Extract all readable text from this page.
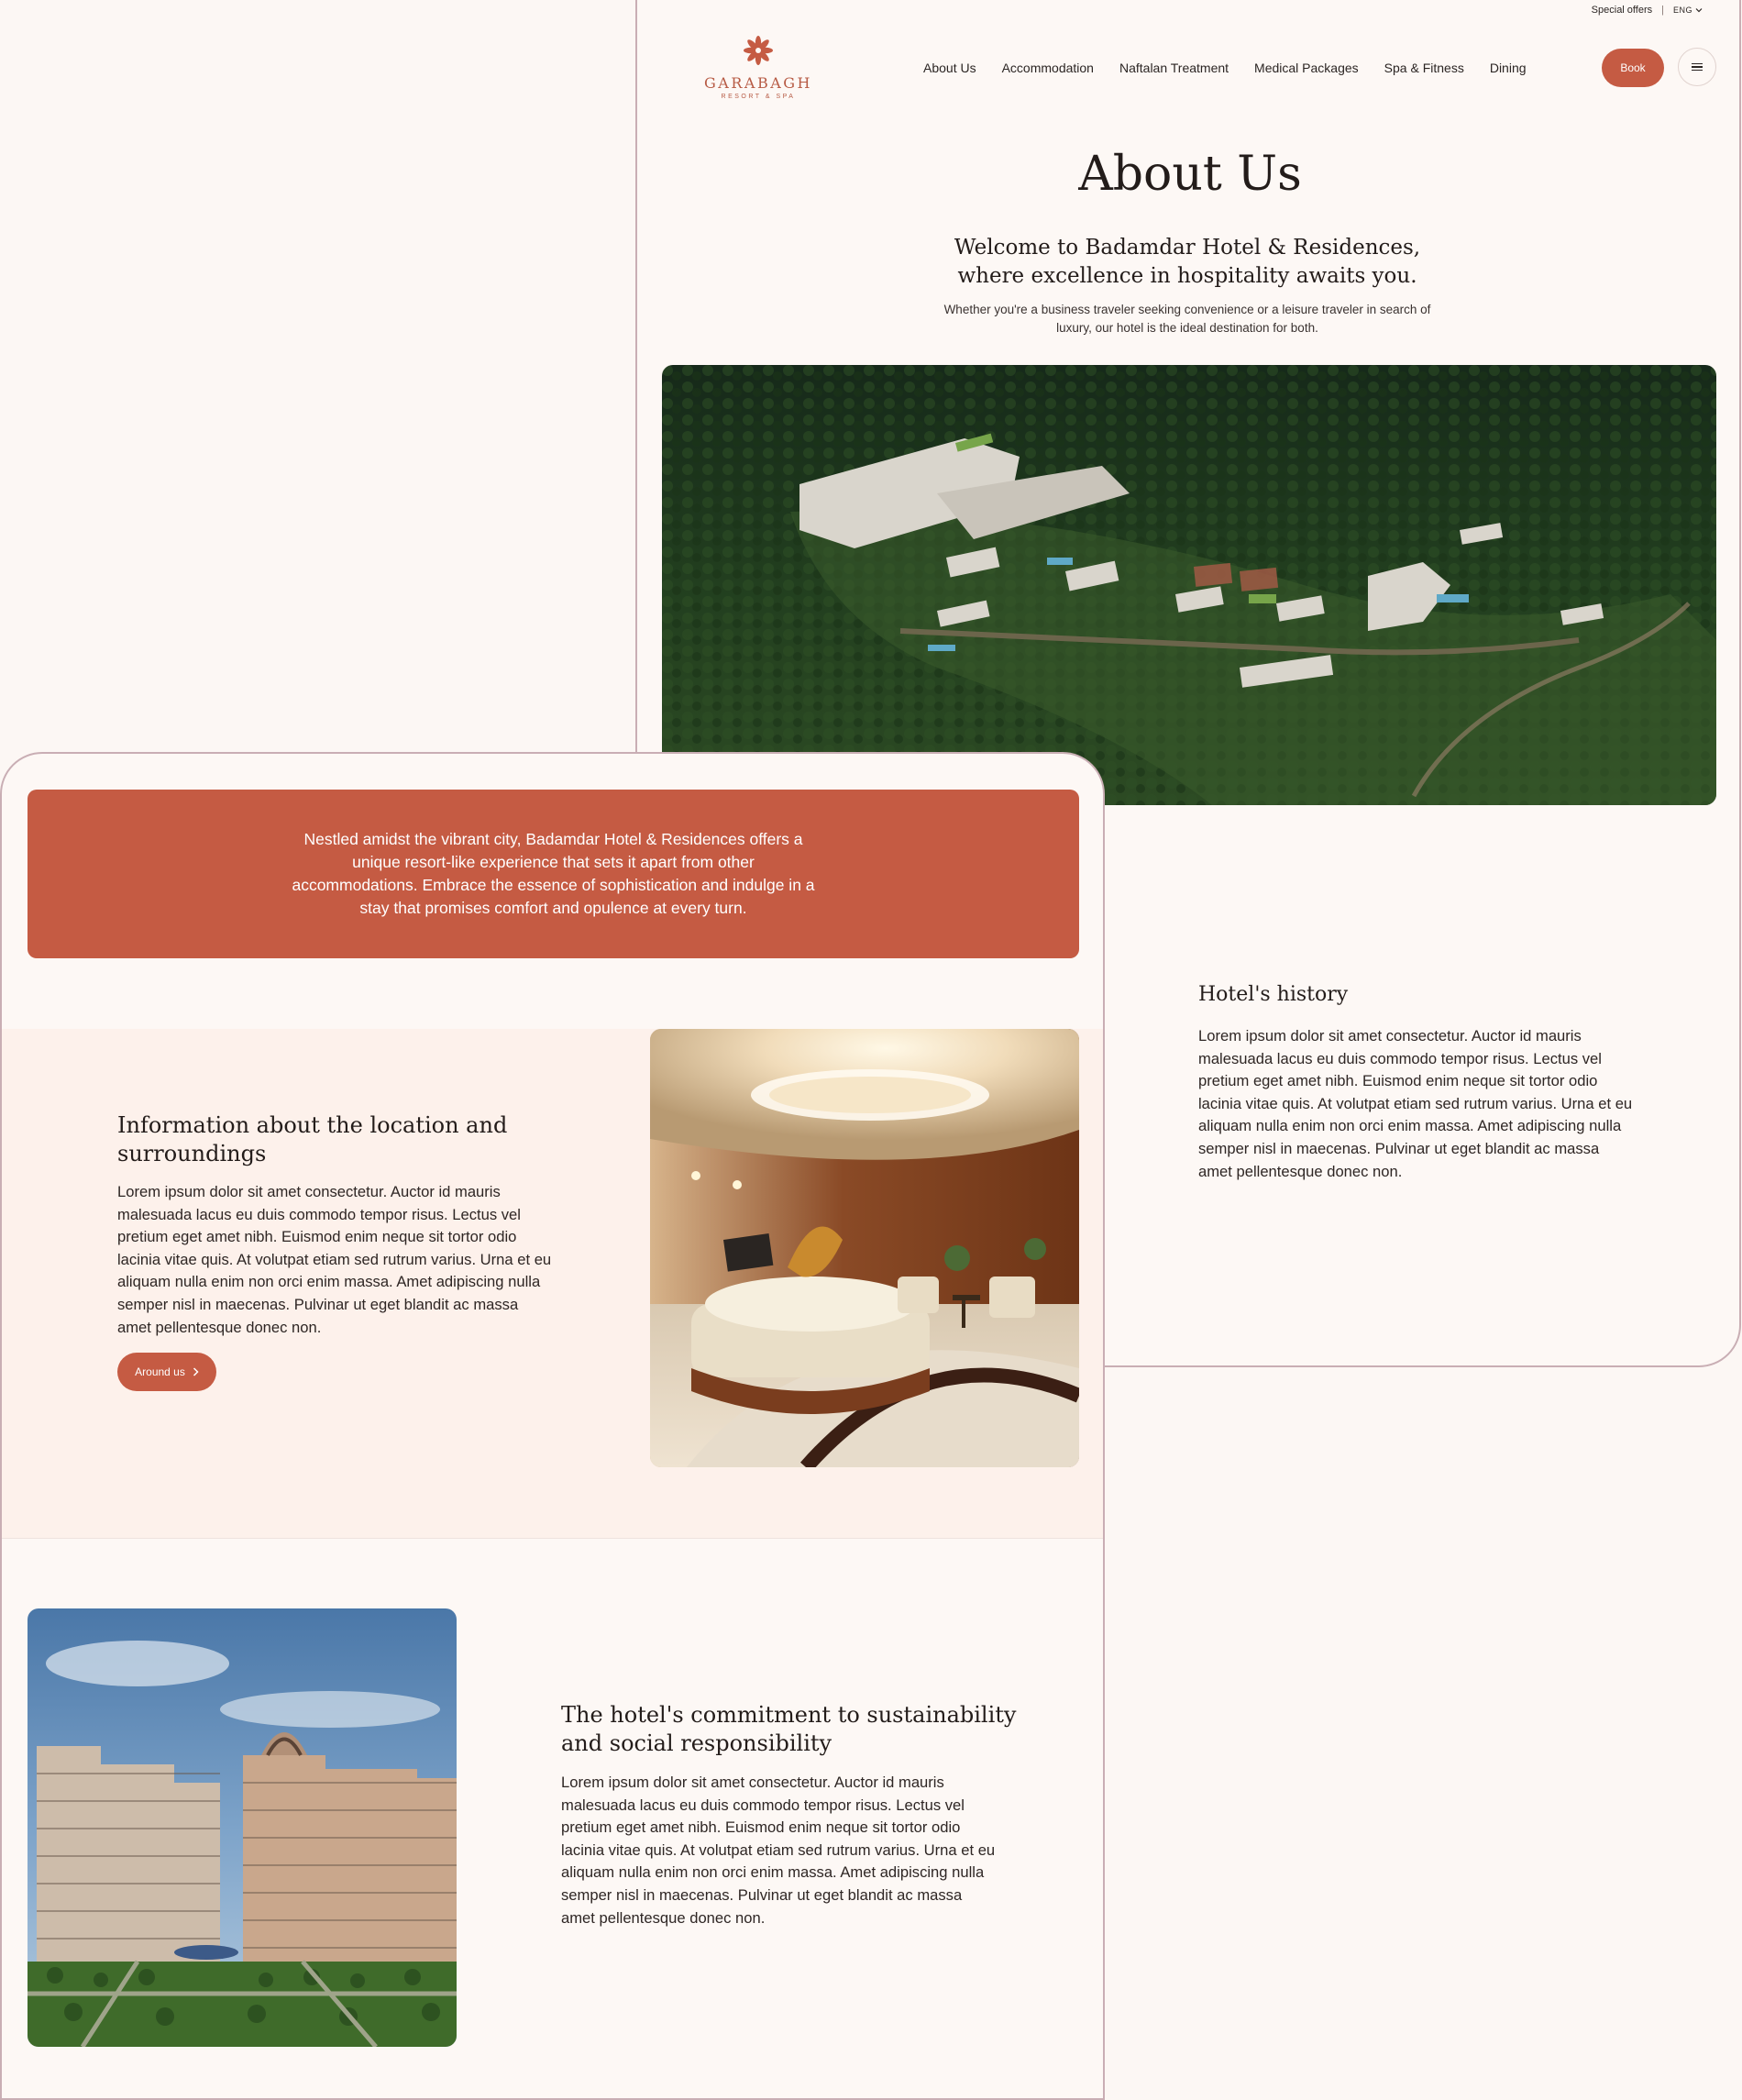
Special offers | ENG
GARABAGH
RESORT & SPA
About Us Accommodation Naftalan Treatment Medical Packages Spa & Fitness Dining	Book
About Us
Welcome to Badamdar Hotel & Residences, where excellence in hospitality awaits you.
Whether you're a business traveler seeking convenience or a leisure traveler in search of luxury, our hotel is the ideal destination for both.
Hotel's history
Lorem ipsum dolor sit amet consectetur. Auctor id mauris malesuada lacus eu duis commodo tempor risus. Lectus vel pretium eget amet nibh. Euismod enim neque sit tortor odio lacinia vitae quis. At volutpat etiam sed rutrum varius. Urna et eu aliquam nulla enim non orci enim massa. Amet adipiscing nulla semper nisl in maecenas. Pulvinar ut eget blandit ac massa amet pellentesque donec non.
Nestled amidst the vibrant city, Badamdar Hotel & Residences offers a unique resort-like experience that sets it apart from other accommodations. Embrace the essence of sophistication and indulge in a stay that promises comfort and opulence at every turn.
Information about the location and surroundings
Lorem ipsum dolor sit amet consectetur. Auctor id mauris malesuada lacus eu duis commodo tempor risus. Lectus vel pretium eget amet nibh. Euismod enim neque sit tortor odio lacinia vitae quis. At volutpat etiam sed rutrum varius. Urna et eu aliquam nulla enim non orci enim massa. Amet adipiscing nulla semper nisl in maecenas. Pulvinar ut eget blandit ac massa amet pellentesque donec non.
Around us
The hotel's commitment to sustainability and social responsibility
Lorem ipsum dolor sit amet consectetur. Auctor id mauris malesuada lacus eu duis commodo tempor risus. Lectus vel pretium eget amet nibh. Euismod enim neque sit tortor odio lacinia vitae quis. At volutpat etiam sed rutrum varius. Urna et eu aliquam nulla enim non orci enim massa. Amet adipiscing nulla semper nisl in maecenas. Pulvinar ut eget blandit ac massa amet pellentesque donec non.
